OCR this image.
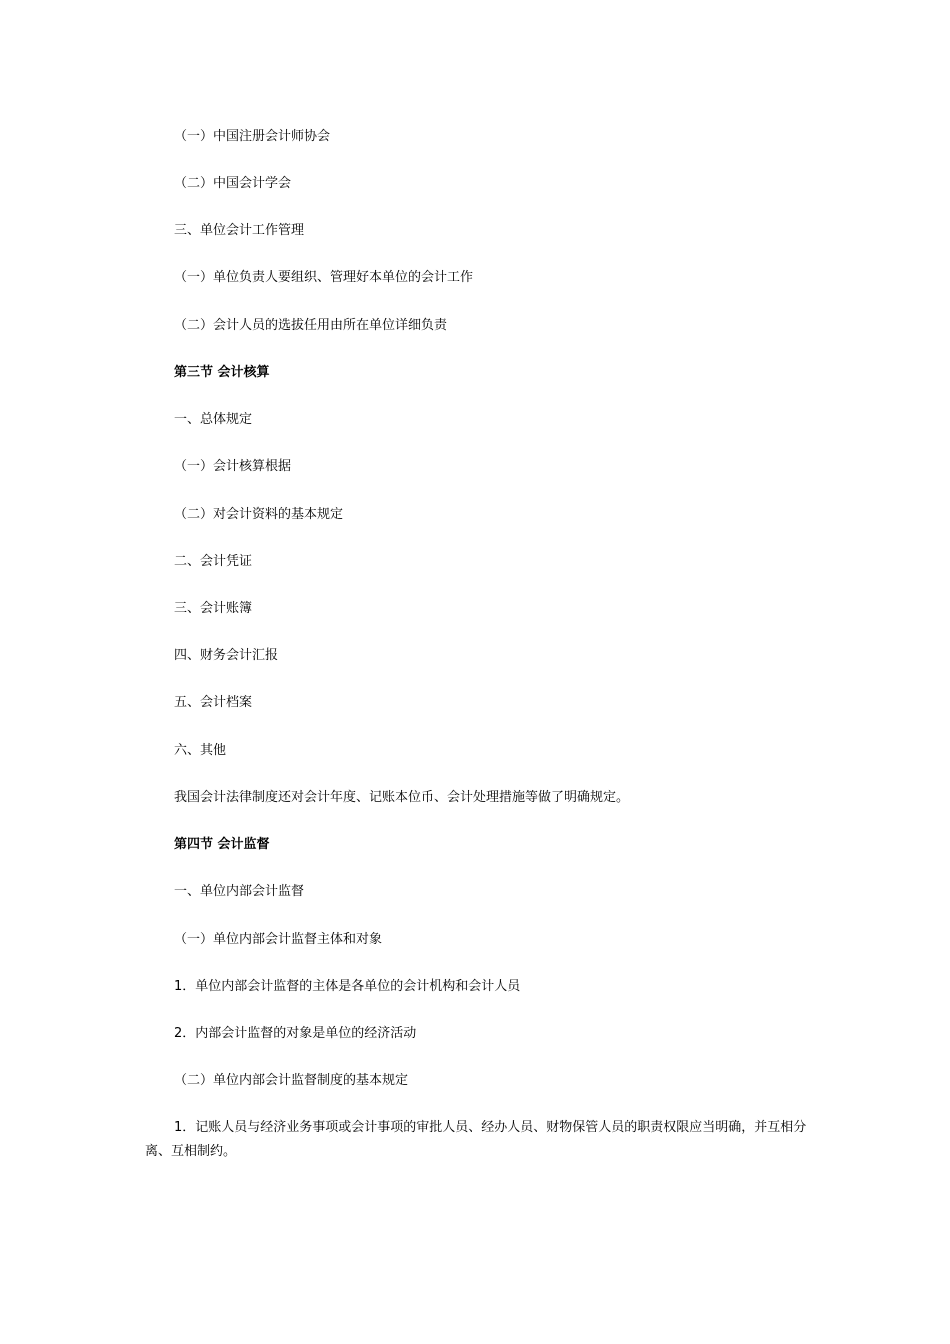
（一）中国注册会计师协会
（二）中国会计学会
三、单位会计工作管理
（一）单位负责人要组织、管理好本单位的会计工作
（二）会计人员的选拔任用由所在单位详细负责
第三节 会计核算
一、总体规定
（一）会计核算根据
（二）对会计资料的基本规定
二、会计凭证
三、会计账簿
四、财务会计汇报
五、会计档案
六、其他
我国会计法律制度还对会计年度、记账本位币、会计处理措施等做了明确规定。
第四节 会计监督
一、单位内部会计监督
（一）单位内部会计监督主体和对象
1．单位内部会计监督的主体是各单位的会计机构和会计人员
2．内部会计监督的对象是单位的经济活动
（二）单位内部会计监督制度的基本规定
1．记账人员与经济业务事项或会计事项的审批人员、经办人员、财物保管人员的职责权限应当明确，并互相分离、互相制约。
